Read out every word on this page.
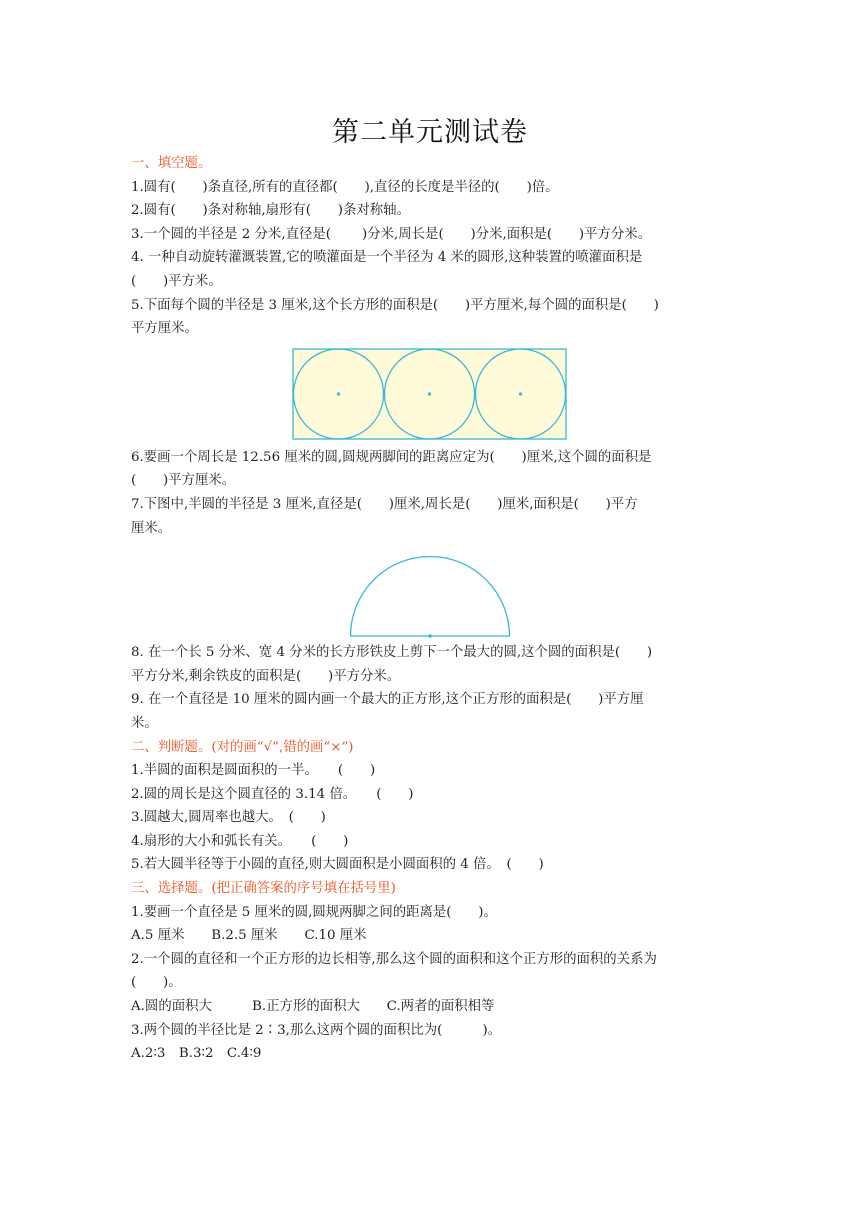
第二单元测试卷

一、填空题。

1.圆有(　　)条直径,所有的直径都(　　),直径的长度是半径的(　　)倍。

2.圆有(　　)条对称轴,扇形有(　　)条对称轴。

3.一个圆的半径是 2 分米,直径是(　　 )分米,周长是(　　)分米,面积是(　　)平方分米。

4. 一种自动旋转灌溉装置,它的喷灌面是一个半径为 4 米的圆形,这种装置的喷灌面积是

(　　)平方米。

5.下面每个圆的半径是 3 厘米,这个长方形的面积是(　　)平方厘米,每个圆的面积是(　　)

平方厘米。

6.要画一个周长是 12.56 厘米的圆,圆规两脚间的距离应定为(　　)厘米,这个圆的面积是

(　　)平方厘米。

7.下图中,半圆的半径是 3 厘米,直径是(　　)厘米,周长是(　　)厘米,面积是(　　)平方

厘米。

8. 在一个长 5 分米、宽 4 分米的长方形铁皮上剪下一个最大的圆,这个圆的面积是(　　)

平方分米,剩余铁皮的面积是(　　)平方分米。

9. 在一个直径是 10 厘米的圆内画一个最大的正方形,这个正方形的面积是(　　)平方厘

米。

二、判断题。(对的画“√”,错的画“×”)

1.半圆的面积是圆面积的一半。　　(　　)

2.圆的周长是这个圆直径的 3.14 倍。　　(　　)

3.圆越大,圆周率也越大。　(　　)

4.扇形的大小和弧长有关。　　(　　)

5.若大圆半径等于小圆的直径,则大圆面积是小圆面积的 4 倍。　(　　)

三、选择题。(把正确答案的序号填在括号里)

1.要画一个直径是 5 厘米的圆,圆规两脚之间的距离是(　　)。

A.5 厘米　　B.2.5 厘米　　C.10 厘米

2.一个圆的直径和一个正方形的边长相等,那么这个圆的面积和这个正方形的面积的关系为

(　　)。

A.圆的面积大　　　B.正方形的面积大　　C.两者的面积相等

3.两个圆的半径比是 2∶3,那么这两个圆的面积比为(　　　)。

A.2∶3　B.3∶2　C.4∶9
